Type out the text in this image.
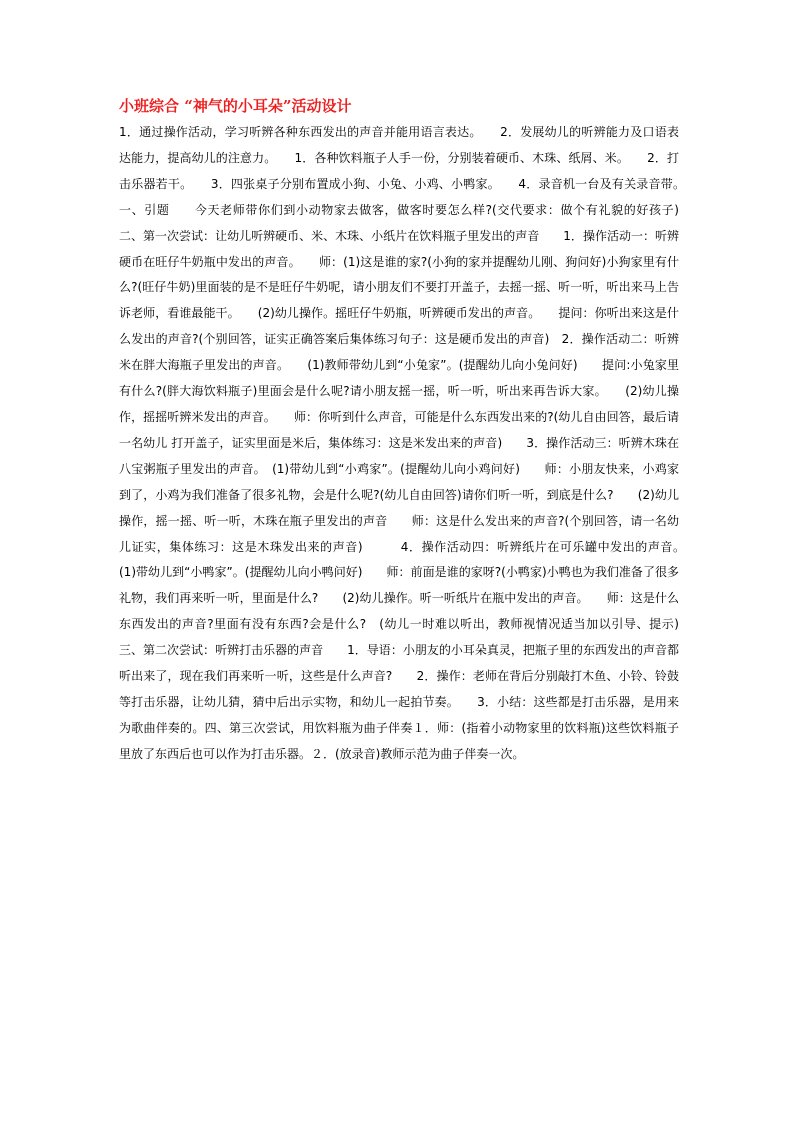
小班综合 “神气的小耳朵”活动设计

1．通过操作活动，学习听辨各种东西发出的声音并能用语言表达。　　2．发展幼儿的听辨能力及口语表达能力，提高幼儿的注意力。　　1．各种饮料瓶子人手一份，分别装着硬币、木珠、纸屑、米。　　2．打击乐器若干。　　3．四张桌子分别布置成小狗、小兔、小鸡、小鸭家。　　4．录音机一台及有关录音带。　　　一、引题　　今天老师带你们到小动物家去做客，做客时要怎么样?(交代要求：做个有礼貌的好孩子)　　二、第一次尝试：让幼儿听辨硬币、米、木珠、小纸片在饮料瓶子里发出的声音　　1．操作活动一：听辨硬币在旺仔牛奶瓶中发出的声音。　　师：(1)这是谁的家?(小狗的家并提醒幼儿刚、狗问好)小狗家里有什么?(旺仔牛奶)里面装的是不是旺仔牛奶呢，请小朋友们不要打开盖子，去摇一摇、听一听，听出来马上告诉老师，看谁最能干。　　(2)幼儿操作。摇旺仔牛奶瓶，听辨硬币发出的声音。　　提问：你听出来这是什么发出的声音?(个别回答，证实正确答案后集体练习句子：这是硬币发出的声音)　2．操作活动二：听辨米在胖大海瓶子里发出的声音。　　(1)教师带幼儿到“小兔家”。(提醒幼儿向小兔问好)　　提问:小兔家里有什么?(胖大海饮料瓶子)里面会是什么呢?请小朋友摇一摇，听一听，听出来再告诉大家。　　(2)幼儿操作，摇摇听辨米发出的声音。　　师：你听到什么声音，可能是什么东西发出来的?(幼儿自由回答，最后请一名幼儿 打开盖子，证实里面是米后，集体练习：这是米发出来的声音)　　3．操作活动三：听辨木珠在八宝粥瓶子里发出的声音。　(1)带幼儿到“小鸡家”。(提醒幼儿向小鸡问好)　　师：小朋友快来，小鸡家到了，小鸡为我们准备了很多礼物，会是什么呢?(幼儿自由回答)请你们听一听，到底是什么?　　(2)幼儿操作，摇一摇、听一听，木珠在瓶子里发出的声音　　师：这是什么发出来的声音?(个别回答，请一名幼儿证实，集体练习：这是木珠发出来的声音)　　　4．操作活动四：听辨纸片在可乐罐中发出的声音。　　(1)带幼儿到“小鸭家”。(提醒幼儿向小鸭问好)　　师：前面是谁的家呀?(小鸭家)小鸭也为我们准备了很多礼物，我们再来听一听，里面是什么?　　(2)幼儿操作。听一听纸片在瓶中发出的声音。　　师：这是什么东西发出的声音?里面有没有东西?会是什么?　(幼儿一时难以听出，教师视情况适当加以引导、提示)　　三、第二次尝试：听辨打击乐器的声音　　1．导语：小朋友的小耳朵真灵，把瓶子里的东西发出的声音都听出来了，现在我们再来听一听，这些是什么声音?　　2．操作：老师在背后分别敲打木鱼、小铃、铃鼓等打击乐器，让幼儿猜，猜中后出示实物，和幼儿一起拍节奏。　　3．小结：这些都是打击乐器，是用来为歌曲伴奏的。四、第三次尝试，用饮料瓶为曲子伴奏１．师：(指着小动物家里的饮料瓶)这些饮料瓶子里放了东西后也可以作为打击乐器。２．(放录音)教师示范为曲子伴奏一次。
